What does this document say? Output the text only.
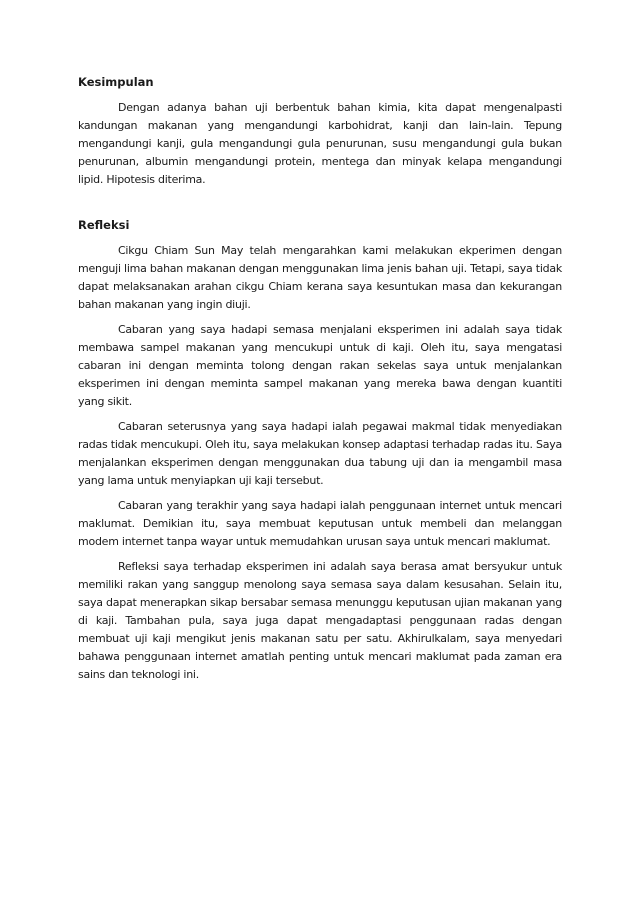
Kesimpulan

Dengan adanya bahan uji berbentuk bahan kimia, kita dapat mengenalpasti kandungan makanan yang mengandungi karbohidrat, kanji dan lain-lain. Tepung mengandungi kanji, gula mengandungi gula penurunan, susu mengandungi gula bukan penurunan, albumin mengandungi protein, mentega dan minyak kelapa mengandungi lipid. Hipotesis diterima.

Refleksi

Cikgu Chiam Sun May telah mengarahkan kami melakukan ekperimen dengan menguji lima bahan makanan dengan menggunakan lima jenis bahan uji. Tetapi, saya tidak dapat melaksanakan arahan cikgu Chiam kerana saya kesuntukan masa dan kekurangan bahan makanan yang ingin diuji.

Cabaran yang saya hadapi semasa menjalani eksperimen ini adalah saya tidak membawa sampel makanan yang mencukupi untuk di kaji. Oleh itu, saya mengatasi cabaran ini dengan meminta tolong dengan rakan sekelas saya untuk menjalankan eksperimen ini dengan meminta sampel makanan yang mereka bawa dengan kuantiti yang sikit.

Cabaran seterusnya yang saya hadapi ialah pegawai makmal tidak menyediakan radas tidak mencukupi. Oleh itu, saya melakukan konsep adaptasi terhadap radas itu. Saya menjalankan eksperimen dengan menggunakan dua tabung uji dan ia mengambil masa yang lama untuk menyiapkan uji kaji tersebut.

Cabaran yang terakhir yang saya hadapi ialah penggunaan internet untuk mencari maklumat. Demikian itu, saya membuat keputusan untuk membeli dan melanggan modem internet tanpa wayar untuk memudahkan urusan saya untuk mencari maklumat.

Refleksi saya terhadap eksperimen ini adalah saya berasa amat bersyukur untuk memiliki rakan yang sanggup menolong saya semasa saya dalam kesusahan. Selain itu, saya dapat menerapkan sikap bersabar semasa menunggu keputusan ujian makanan yang di kaji. Tambahan pula, saya juga dapat mengadaptasi penggunaan radas dengan membuat uji kaji mengikut jenis makanan satu per satu. Akhirulkalam, saya menyedari bahawa penggunaan internet amatlah penting untuk mencari maklumat pada zaman era sains dan teknologi ini.
